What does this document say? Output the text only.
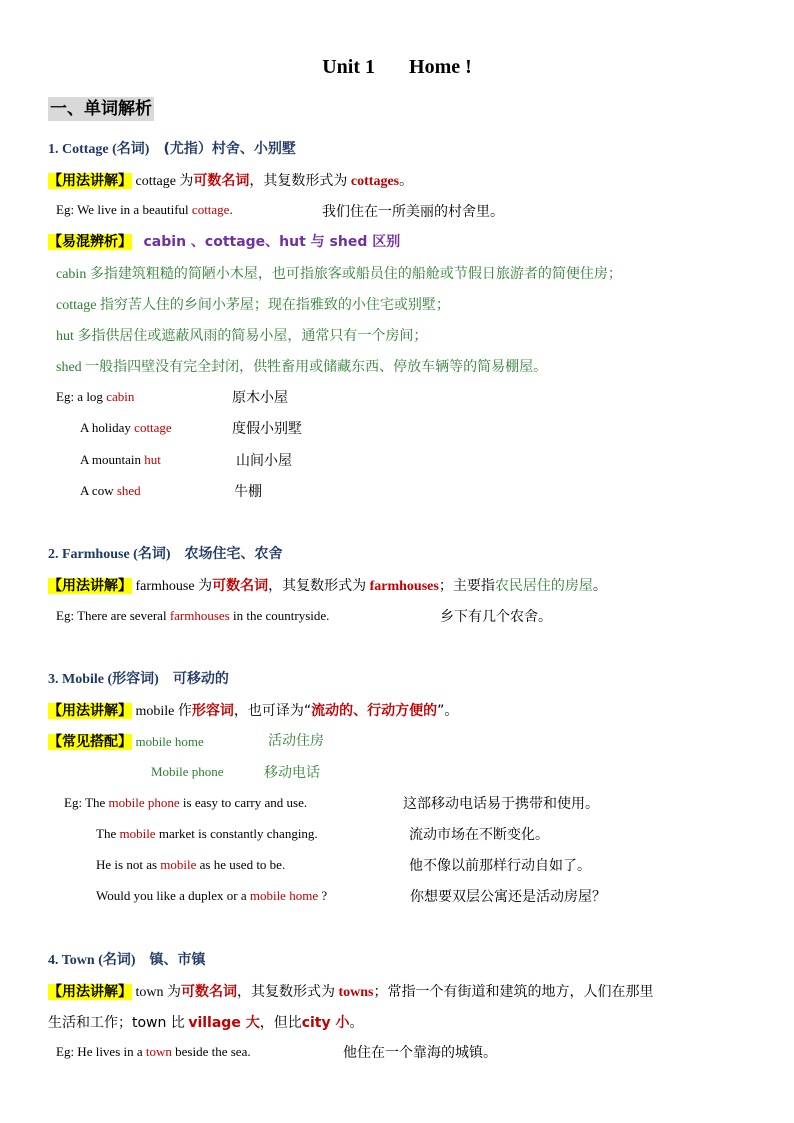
Unit 1 Home !
一、单词解析
1. Cottage (名词) (尤指）村舍、小别墅
【用法讲解】 cottage 为可数名词，其复数形式为 cottages。
Eg: We live in a beautiful cottage.	我们住在一所美丽的村舍里。
【易混辨析】 cabin 、cottage、hut 与 shed 区别
cabin 多指建筑粗糙的简陋小木屋，也可指旅客或船员住的船舱或节假日旅游者的简便住房；
cottage 指穷苦人住的乡间小茅屋；现在指雅致的小住宅或别墅；
hut 多指供居住或遮蔽风雨的简易小屋，通常只有一个房间；
shed 一般指四壁没有完全封闭，供牲畜用或储藏东西、停放车辆等的简易棚屋。
Eg: a log cabin	原木小屋
A holiday cottage	度假小别墅
A mountain hut	山间小屋
A cow shed	牛棚
2. Farmhouse (名词) 农场住宅、农舍
【用法讲解】 farmhouse 为可数名词，其复数形式为 farmhouses；主要指农民居住的房屋。
Eg: There are several farmhouses in the countryside.	乡下有几个农舍。
3. Mobile (形容词) 可移动的
【用法讲解】 mobile 作形容词，也可译为“流动的、行动方便的”。
【常见搭配】 mobile home	活动住房
Mobile phone	移动电话
Eg: The mobile phone is easy to carry and use.	这部移动电话易于携带和使用。
The mobile market is constantly changing.	流动市场在不断变化。
He is not as mobile as he used to be.	他不像以前那样行动自如了。
Would you like a duplex or a mobile home ?	你想要双层公寓还是活动房屋？
4. Town (名词) 镇、市镇
【用法讲解】 town 为可数名词，其复数形式为 towns；常指一个有街道和建筑的地方，人们在那里
生活和工作；town 比 village 大，但比city 小。
Eg: He lives in a town beside the sea.	他住在一个靠海的城镇。
